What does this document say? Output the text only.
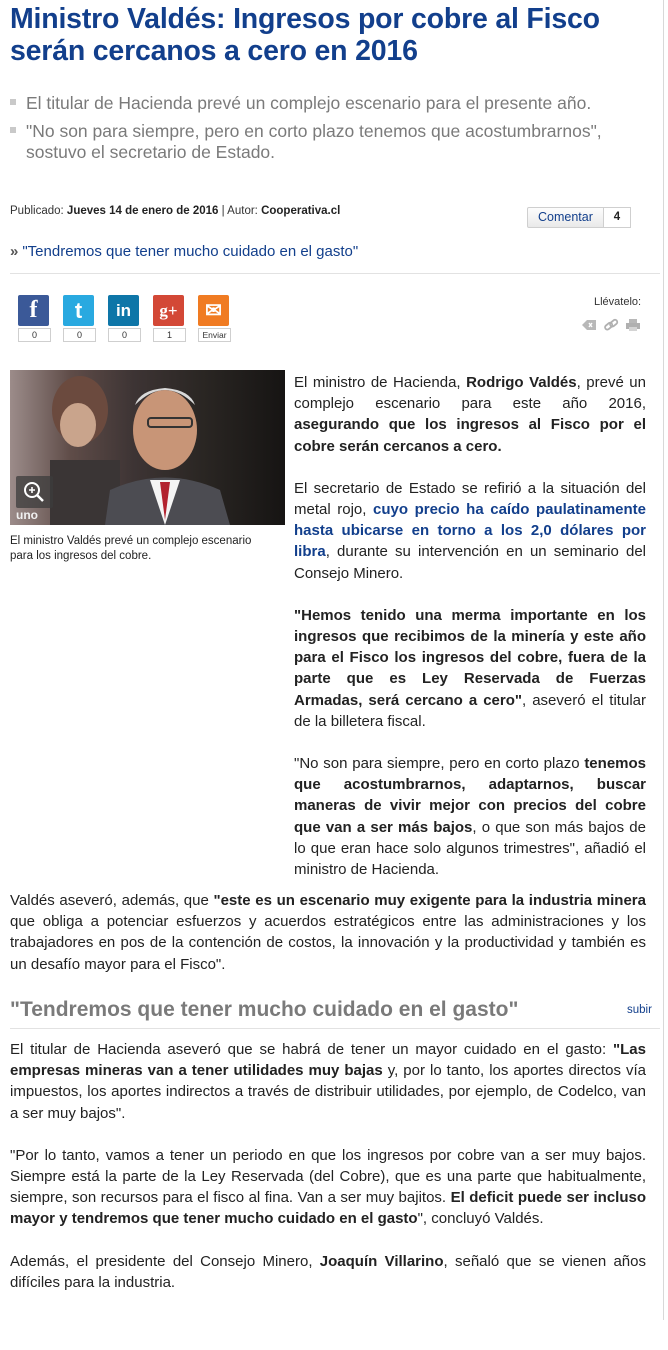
Ministro Valdés: Ingresos por cobre al Fisco serán cercanos a cero en 2016
El titular de Hacienda prevé un complejo escenario para el presente año.
"No son para siempre, pero en corto plazo tenemos que acostumbrarnos", sostuvo el secretario de Estado.
Publicado: Jueves 14 de enero de 2016 | Autor: Cooperativa.cl	Comentar	4
» "Tendremos que tener mucho cuidado en el gasto"
f
0
t
0
in
0
g+
1
✉
Enviar
Llévatelo:
uno
El ministro Valdés prevé un complejo escenario para los ingresos del cobre.

El ministro de Hacienda, Rodrigo Valdés, prevé un complejo escenario para este año 2016, asegurando que los ingresos al Fisco por el cobre serán cercanos a cero.

El secretario de Estado se refirió a la situación del metal rojo, cuyo precio ha caído paulatinamente hasta ubicarse en torno a los 2,0 dólares por libra, durante su intervención en un seminario del Consejo Minero.

"Hemos tenido una merma importante en los ingresos que recibimos de la minería y este año para el Fisco los ingresos del cobre, fuera de la parte que es Ley Reservada de Fuerzas Armadas, será cercano a cero", aseveró el titular de la billetera fiscal.

"No son para siempre, pero en corto plazo tenemos que acostumbrarnos, adaptarnos, buscar maneras de vivir mejor con precios del cobre que van a ser más bajos, o que son más bajos de lo que eran hace solo algunos trimestres", añadió el ministro de Hacienda.

Valdés aseveró, además, que "este es un escenario muy exigente para la industria minera que obliga a potenciar esfuerzos y acuerdos estratégicos entre las administraciones y los trabajadores en pos de la contención de costos, la innovación y la productividad y también es un desafío mayor para el Fisco".

"Tendremos que tener mucho cuidado en el gasto"	subir

El titular de Hacienda aseveró que se habrá de tener un mayor cuidado en el gasto: "Las empresas mineras van a tener utilidades muy bajas y, por lo tanto, los aportes directos vía impuestos, los aportes indirectos a través de distribuir utilidades, por ejemplo, de Codelco, van a ser muy bajos".

"Por lo tanto, vamos a tener un periodo en que los ingresos por cobre van a ser muy bajos. Siempre está la parte de la Ley Reservada (del Cobre), que es una parte que habitualmente, siempre, son recursos para el fisco al fina. Van a ser muy bajitos. El deficit puede ser incluso mayor y tendremos que tener mucho cuidado en el gasto", concluyó Valdés.

Además, el presidente del Consejo Minero, Joaquín Villarino, señaló que se vienen años difíciles para la industria.
